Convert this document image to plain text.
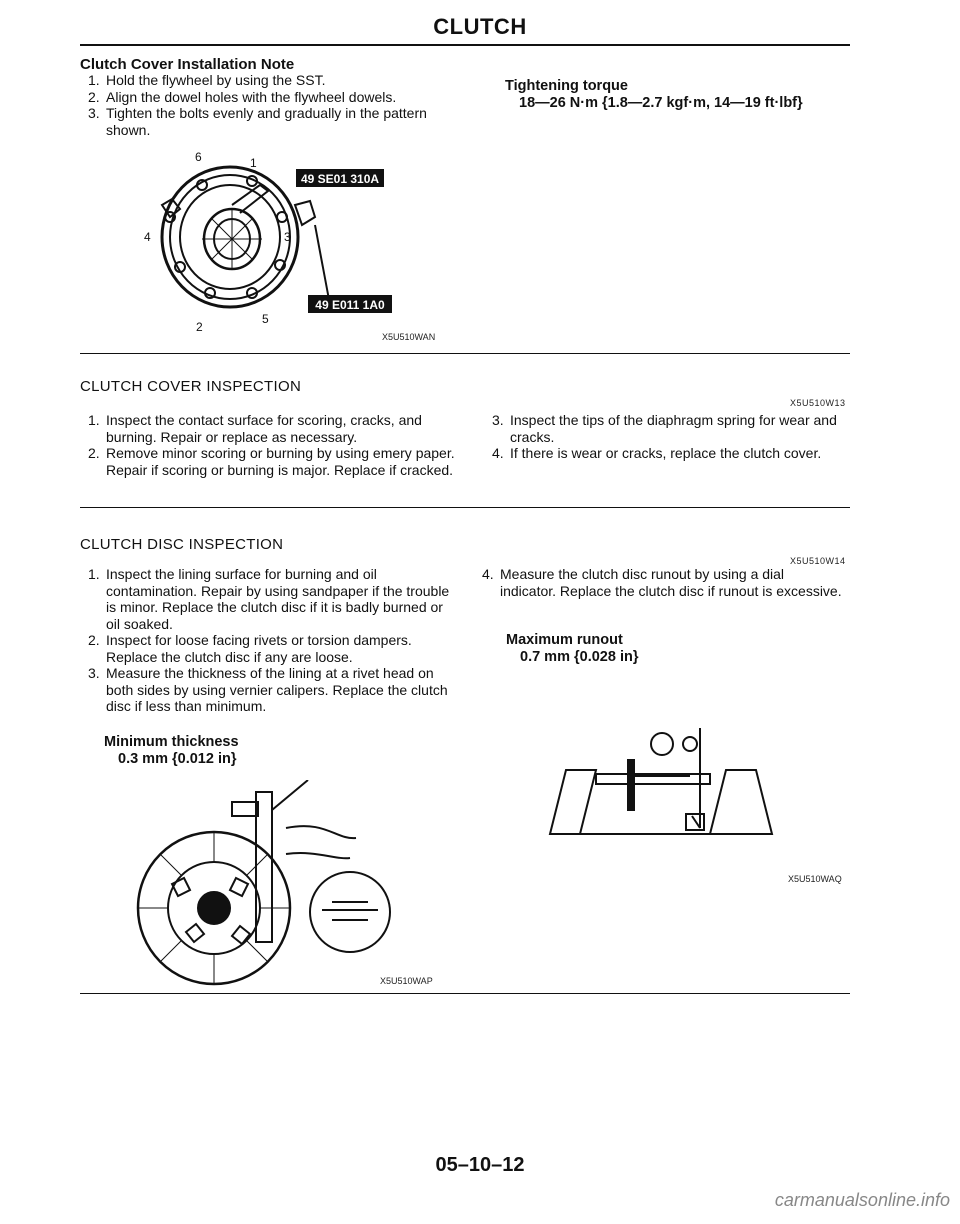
CLUTCH
Clutch Cover Installation Note
1. Hold the flywheel by using the SST.
2. Align the dowel holes with the flywheel dowels.
3. Tighten the bolts evenly and gradually in the pattern shown.
Tightening torque
18—26 N·m {1.8—2.7 kgf·m, 14—19 ft·lbf}
6	1
4	3
2
5
49 SE01 310A
49 E011 1A0
X5U510WAN
CLUTCH COVER INSPECTION
X5U510W13
1. Inspect the contact surface for scoring, cracks, and burning. Repair or replace as necessary.
2. Remove minor scoring or burning by using emery paper. Repair if scoring or burning is major. Replace if cracked.
3. Inspect the tips of the diaphragm spring for wear and cracks.
4. If there is wear or cracks, replace the clutch cover.
CLUTCH DISC INSPECTION
X5U510W14
1. Inspect the lining surface for burning and oil contamination. Repair by using sandpaper if the trouble is minor. Replace the clutch disc if it is badly burned or oil soaked.
2. Inspect for loose facing rivets or torsion dampers. Replace the clutch disc if any are loose.
3. Measure the thickness of the lining at a rivet head on both sides by using vernier calipers. Replace the clutch disc if less than minimum.
4. Measure the clutch disc runout by using a dial indicator. Replace the clutch disc if runout is excessive.
Minimum thickness
0.3 mm {0.012 in}
Maximum runout
0.7 mm {0.028 in}
X5U510WAP
X5U510WAQ
05–10–12
carmanualsonline.info
